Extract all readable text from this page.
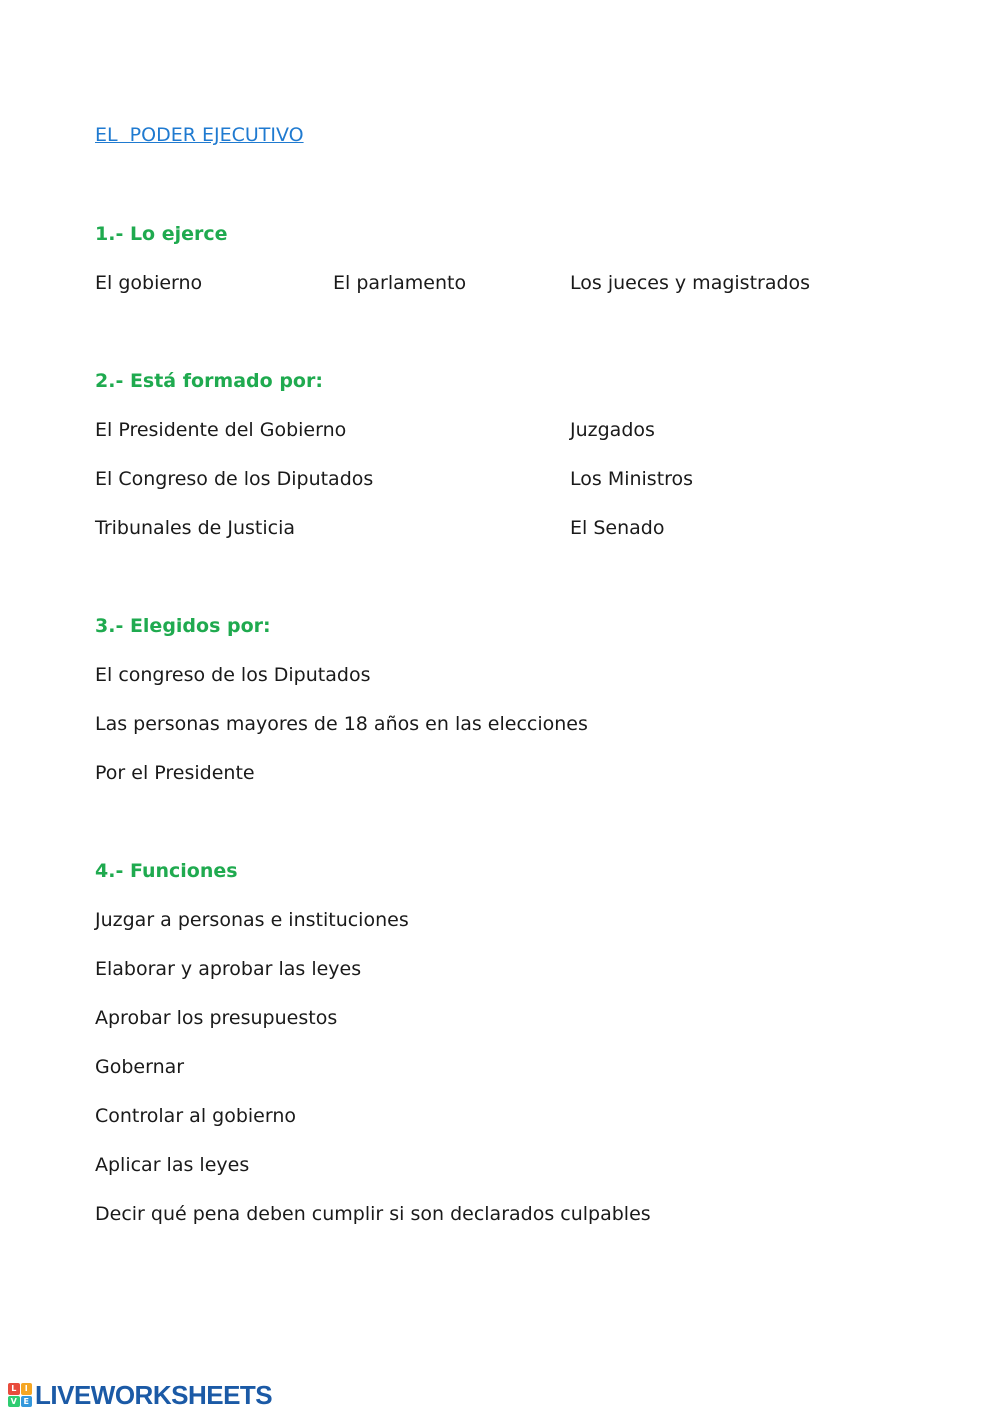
EL  PODER EJECUTIVO
1.- Lo ejerce
El gobierno	El parlamento	Los jueces y magistrados
2.- Está formado por:
El Presidente del Gobierno	Juzgados
El Congreso de los Diputados	Los Ministros
Tribunales de Justicia	El Senado
3.- Elegidos por:
El congreso de los Diputados
Las personas mayores de 18 años en las elecciones
Por el Presidente
4.- Funciones
Juzgar a personas e instituciones
Elaborar y aprobar las leyes
Aprobar los presupuestos
Gobernar
Controlar al gobierno
Aplicar las leyes
Decir qué pena deben cumplir si son declarados culpables
L	I
V E LIVEWORKSHEETS
